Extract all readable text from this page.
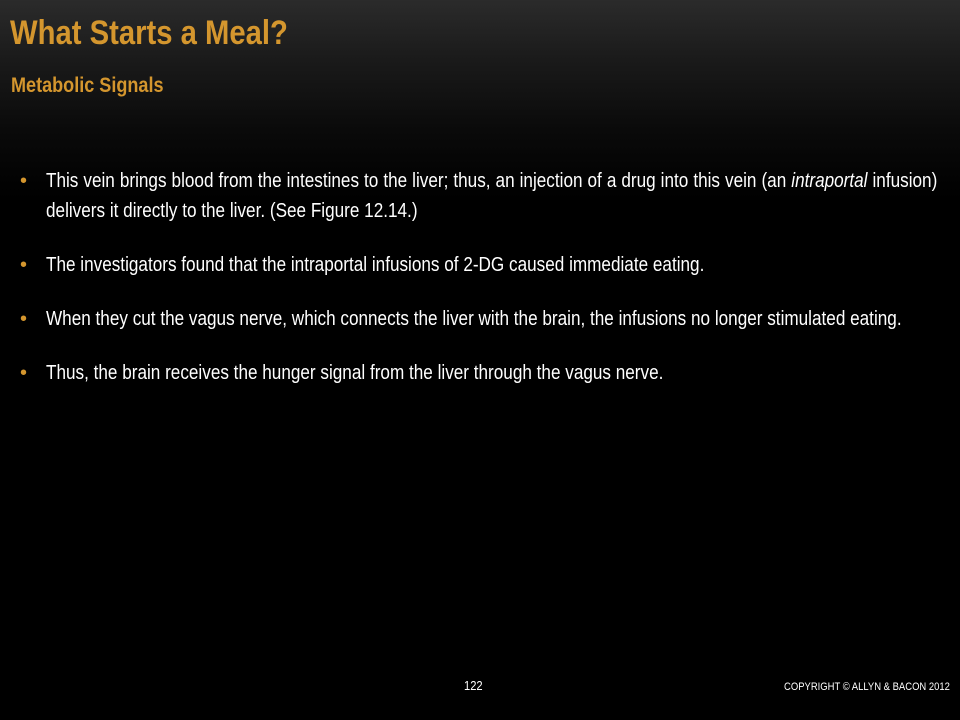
What Starts a Meal?
Metabolic Signals
• This vein brings blood from the intestines to the liver; thus, an injection of a drug into this vein (an intraportal infusion) delivers it directly to the liver. (See Figure 12.14.)
• The investigators found that the intraportal infusions of 2-DG caused immediate eating.
• When they cut the vagus nerve, which connects the liver with the brain, the infusions no longer stimulated eating.
• Thus, the brain receives the hunger signal from the liver through the vagus nerve.
122	COPYRIGHT © ALLYN & BACON 2012
